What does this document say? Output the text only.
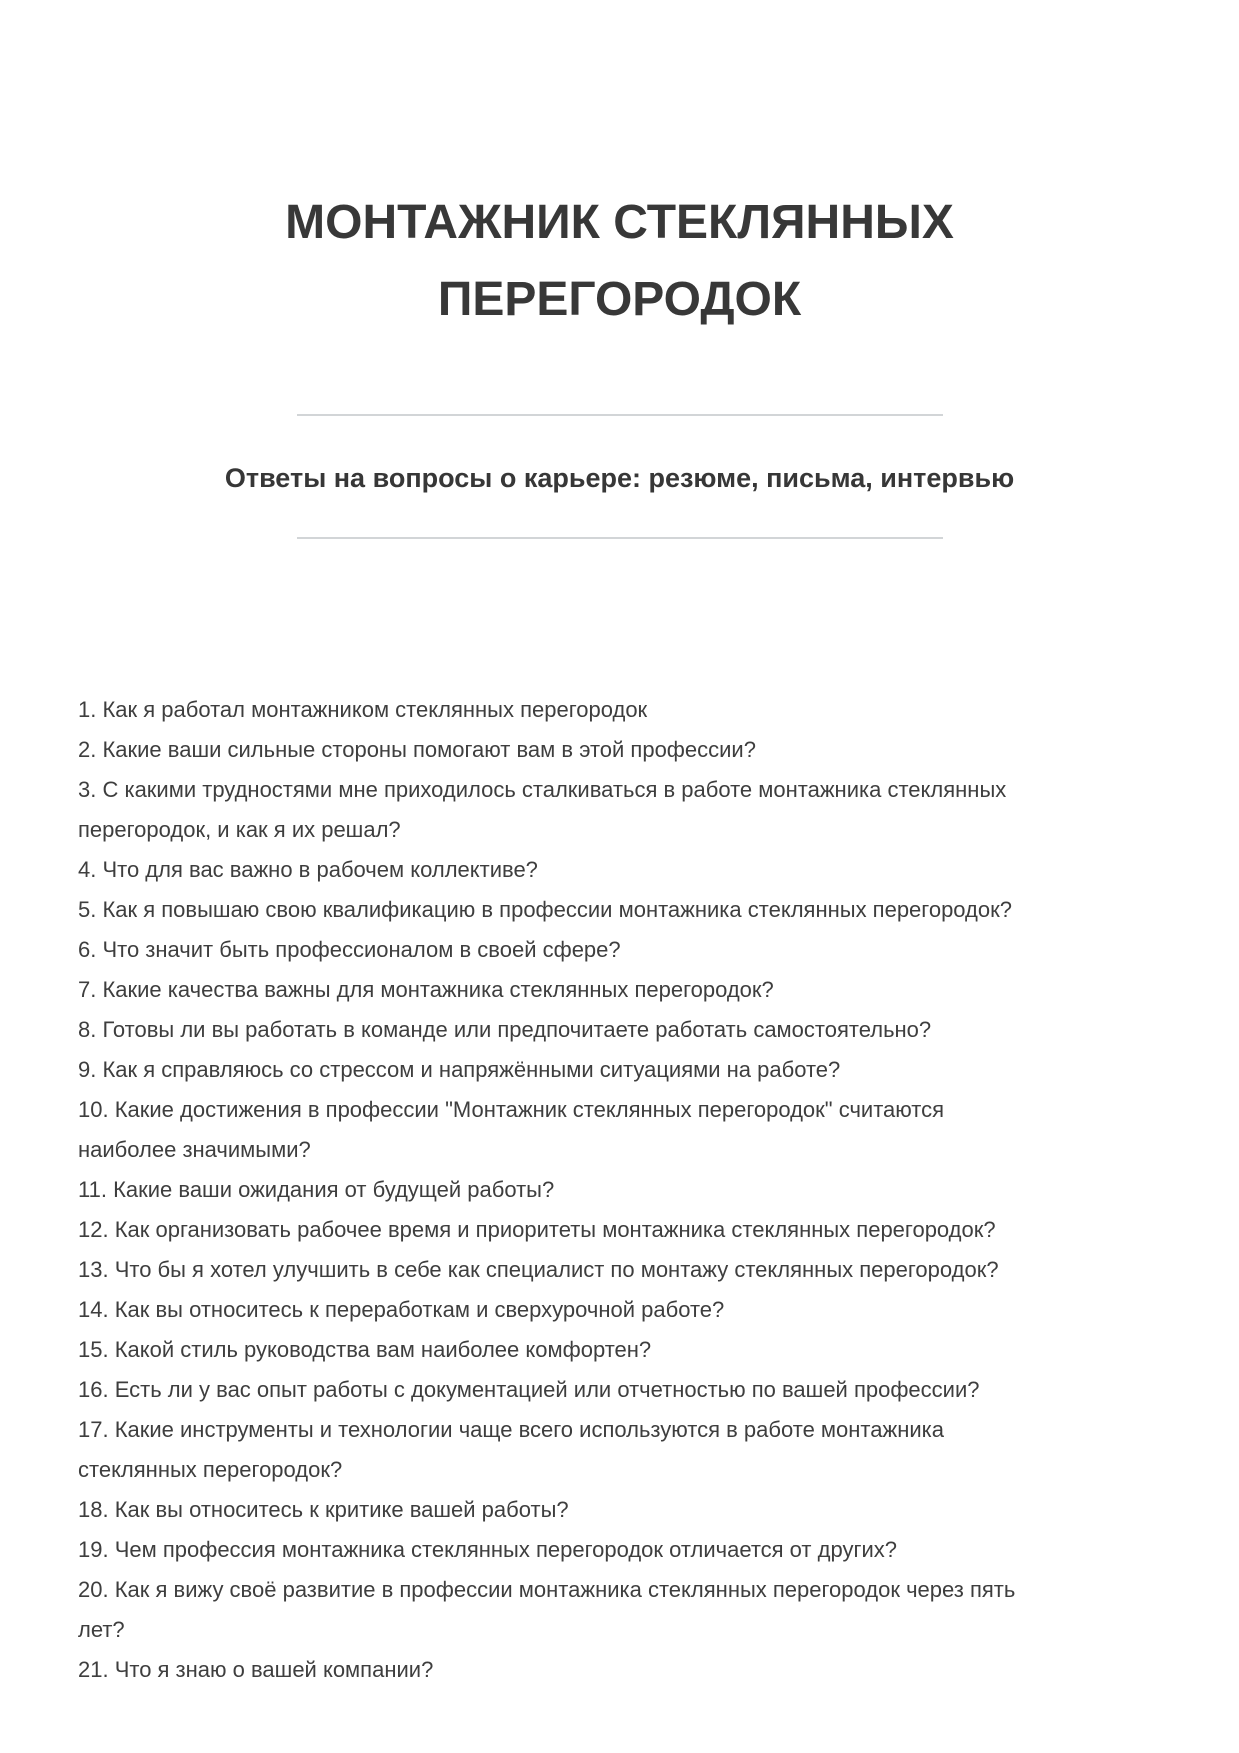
МОНТАЖНИК СТЕКЛЯННЫХ ПЕРЕГОРОДОК
Ответы на вопросы о карьере: резюме, письма, интервью

1. Как я работал монтажником стеклянных перегородок

2. Какие ваши сильные стороны помогают вам в этой профессии?

3. С какими трудностями мне приходилось сталкиваться в работе монтажника стеклянных перегородок, и как я их решал?

4. Что для вас важно в рабочем коллективе?

5. Как я повышаю свою квалификацию в профессии монтажника стеклянных перегородок?

6. Что значит быть профессионалом в своей сфере?

7. Какие качества важны для монтажника стеклянных перегородок?

8. Готовы ли вы работать в команде или предпочитаете работать самостоятельно?

9. Как я справляюсь со стрессом и напряжёнными ситуациями на работе?

10. Какие достижения в профессии "Монтажник стеклянных перегородок" считаются наиболее значимыми?

11. Какие ваши ожидания от будущей работы?

12. Как организовать рабочее время и приоритеты монтажника стеклянных перегородок?

13. Что бы я хотел улучшить в себе как специалист по монтажу стеклянных перегородок?

14. Как вы относитесь к переработкам и сверхурочной работе?

15. Какой стиль руководства вам наиболее комфортен?

16. Есть ли у вас опыт работы с документацией или отчетностью по вашей профессии?

17. Какие инструменты и технологии чаще всего используются в работе монтажника стеклянных перегородок?

18. Как вы относитесь к критике вашей работы?

19. Чем профессия монтажника стеклянных перегородок отличается от других?

20. Как я вижу своё развитие в профессии монтажника стеклянных перегородок через пять лет?

21. Что я знаю о вашей компании?
